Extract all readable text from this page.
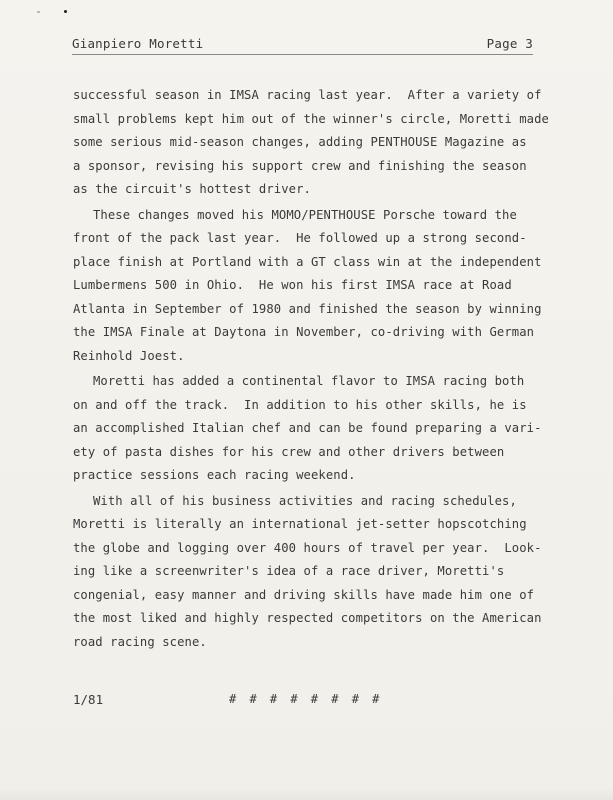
Gianpiero Moretti	Page 3
successful season in IMSA racing last year.  After a variety of
small problems kept him out of the winner's circle, Moretti made
some serious mid-season changes, adding PENTHOUSE Magazine as
a sponsor, revising his support crew and finishing the season
as the circuit's hottest driver.
These changes moved his MOMO/PENTHOUSE Porsche toward the
front of the pack last year.  He followed up a strong second-
place finish at Portland with a GT class win at the independent
Lumbermens 500 in Ohio.  He won his first IMSA race at Road
Atlanta in September of 1980 and finished the season by winning
the IMSA Finale at Daytona in November, co-driving with German
Reinhold Joest.
Moretti has added a continental flavor to IMSA racing both
on and off the track.  In addition to his other skills, he is
an accomplished Italian chef and can be found preparing a vari-
ety of pasta dishes for his crew and other drivers between
practice sessions each racing weekend.
With all of his business activities and racing schedules,
Moretti is literally an international jet-setter hopscotching
the globe and logging over 400 hours of travel per year.  Look-
ing like a screenwriter's idea of a race driver, Moretti's
congenial, easy manner and driving skills have made him one of
the most liked and highly respected competitors on the American
road racing scene.
1/81	# # # # # # # #
